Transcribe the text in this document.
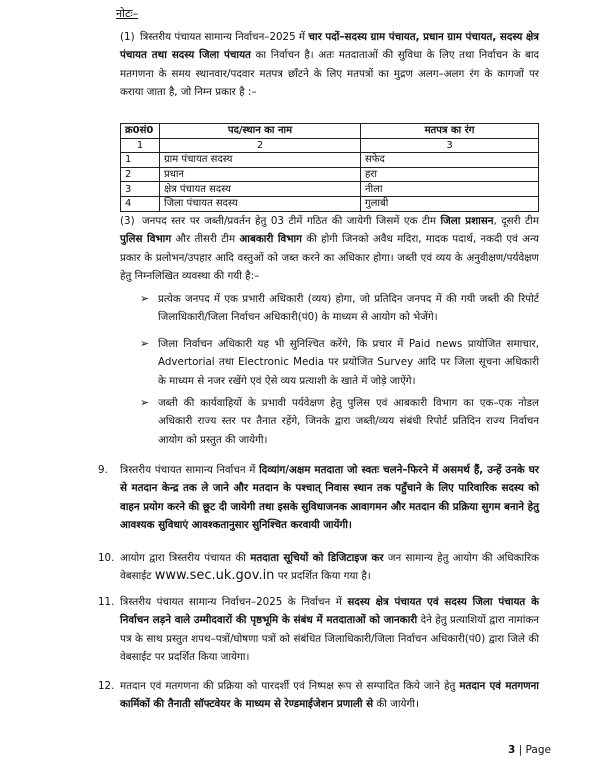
नोटः–
(1) त्रिस्तरीय पंचायत सामान्य निर्वाचन–2025 में चार पदों–सदस्य ग्राम पंचायत, प्रधान ग्राम पंचायत, सदस्य क्षेत्र पंचायत तथा सदस्य जिला पंचायत का निर्वाचन है। अतः मतदाताओं की सुविधा के लिए तथा निर्वाचन के बाद मतगणना के समय स्थानवार/पदवार मतपत्र छाँटने के लिए मतपत्रों का मुद्रण अलग–अलग रंग के कागजों पर कराया जाता है, जो निम्न प्रकार है :–
क्र0सं0	पद/स्थान का नाम	मतपत्र का रंग
1	2	3
1	ग्राम पंचायत सदस्य	सफेद
2	प्रधान	हरा
3	क्षेत्र पंचायत सदस्य	नीला
4	जिला पंचायत सदस्य	गुलाबी
(3) जनपद स्तर पर जब्ती/प्रवर्तन हेतु 03 टीमें गठित की जायेगी जिसमें एक टीम जिला प्रशासन, दूसरी टीम पुलिस विभाग और तीसरी टीम आबकारी विभाग की होगी जिनको अवैध मदिरा, मादक पदार्थ, नकदी एवं अन्य प्रकार के प्रलोभन/उपहार आदि वस्तुओं को जब्त करने का अधिकार होगा। जब्ती एवं व्यय के अनुवीक्षण/पर्यवेक्षण हेतु निम्नलिखित व्यवस्था की गयी है:–
➢ प्रत्येक जनपद में एक प्रभारी अधिकारी (व्यय) होगा, जो प्रतिदिन जनपद में की गयी जब्ती की रिपोर्ट जिलाधिकारी/जिला निर्वाचन अधिकारी(पं0) के माध्यम से आयोग को भेजेंगे।
➢ जिला निर्वाचन अधिकारी यह भी सुनिश्चित करेंगे, कि प्रचार में Paid news प्रायोजित समाचार, Advertorial तथा Electronic Media पर प्रयोजित Survey आदि पर जिला सूचना अधिकारी के माध्यम से नजर रखेंगे एवं ऐसे व्यय प्रत्याशी के खाते में जोड़े जाऐंगे।
➢ जब्ती की कार्यवाहियों के प्रभावी पर्यवेक्षण हेतु पुलिस एवं आबकारी विभाग का एक–एक नोडल अधिकारी राज्य स्तर पर तैनात रहेंगे, जिनके द्वारा जब्ती/व्यय संबंधी रिपोर्ट प्रतिदिन राज्य निर्वाचन आयोग को प्रस्तुत की जायेगी।
9. त्रिस्तरीय पंचायत सामान्य निर्वाचन में दिव्यांग/अक्षम मतदाता जो स्वतः चलने–फिरने में असमर्थ हैं, उन्हें उनके घर से मतदान केन्द्र तक ले जाने और मतदान के पश्चात् निवास स्थान तक पहुँचाने के लिए पारिवारिक सदस्य को वाहन प्रयोग करने की छूट दी जायेगी तथा इसके सुविधाजनक आवागमन और मतदान की प्रक्रिया सुगम बनाने हेतु आवश्यक सुविधाएं आवश्कतानुसार सुनिश्चित करवायी जायेंगी।
10. आयोग द्वारा त्रिस्तरीय पंचायत की मतदाता सूचियों को डिजिटाइज कर जन सामान्य हेतु आयोग की अधिकारिक वेबसाईट www.sec.uk.gov.in पर प्रदर्शित किया गया है।
11. त्रिस्तरीय पंचायत सामान्य निर्वाचन–2025 के निर्वाचन में सदस्य क्षेत्र पंचायत एवं सदस्य जिला पंचायत के निर्वाचन लड़ने वाले उम्मीदवारों की पृष्ठभूमि के संबंध में मतदाताओं को जानकारी देने हेतु प्रत्याशियों द्वारा नामांकन पत्र के साथ प्रस्तुत शपथ–पत्रों/घोषणा पत्रों को संबंधित जिलाधिकारी/जिला निर्वाचन अधिकारी(पं0) द्वारा जिले की वेबसाईट पर प्रदर्शित किया जायेगा।
12. मतदान एवं मतगणना की प्रक्रिया को पारदर्शी एवं निष्पक्ष रूप से सम्पादित किये जाने हेतु मतदान एवं मतगणना कार्मिकों की तैनाती सॉफ्टवेयर के माध्यम से रेण्डमाईजेशन प्रणाली से की जायेगी।
3 | Page
